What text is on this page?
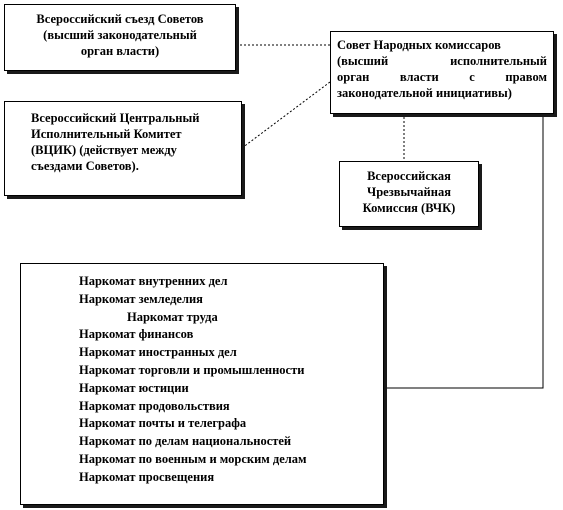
Всероссийский съезд Советов
(высший законодательный
орган власти)
Всероссийский Центральный
Исполнительный Комитет
(ВЦИК) (действует между
съездами Советов).
Совет Народных комиссаров
(высший исполнительный
орган власти с правом
законодательной инициативы)
Всероссийская
Чрезвычайная
Комиссия (ВЧК)
Наркомат внутренних дел
Наркомат земледелия
Наркомат труда
Наркомат финансов
Наркомат иностранных дел
Наркомат торговли и промышленности
Наркомат юстиции
Наркомат продовольствия
Наркомат почты и телеграфа
Наркомат по делам национальностей
Наркомат по военным и морским делам
Наркомат просвещения
